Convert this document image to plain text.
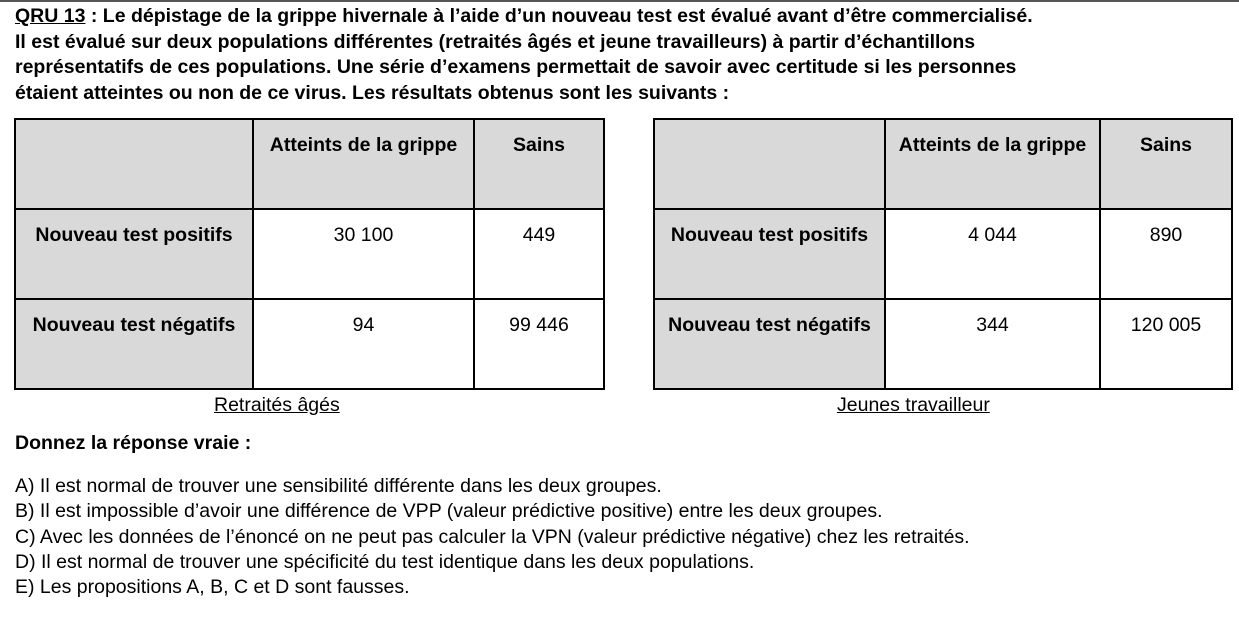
QRU 13 : Le dépistage de la grippe hivernale à l’aide d’un nouveau test est évalué avant d’être commercialisé.
Il est évalué sur deux populations différentes (retraités âgés et jeune travailleurs) à partir d’échantillons
représentatifs de ces populations. Une série d’examens permettait de savoir avec certitude si les personnes
étaient atteintes ou non de ce virus. Les résultats obtenus sont les suivants :
	Atteints de la grippe	Sains
Nouveau test positifs	30 100	449
Nouveau test négatifs	94	99 446
	Atteints de la grippe	Sains
Nouveau test positifs	4 044	890
Nouveau test négatifs	344	120 005
Retraités âgés	Jeunes travailleur
Donnez la réponse vraie :
A) Il est normal de trouver une sensibilité différente dans les deux groupes.
B) Il est impossible d’avoir une différence de VPP (valeur prédictive positive) entre les deux groupes.
C) Avec les données de l’énoncé on ne peut pas calculer la VPN (valeur prédictive négative) chez les retraités.
D) Il est normal de trouver une spécificité du test identique dans les deux populations.
E) Les propositions A, B, C et D sont fausses.
